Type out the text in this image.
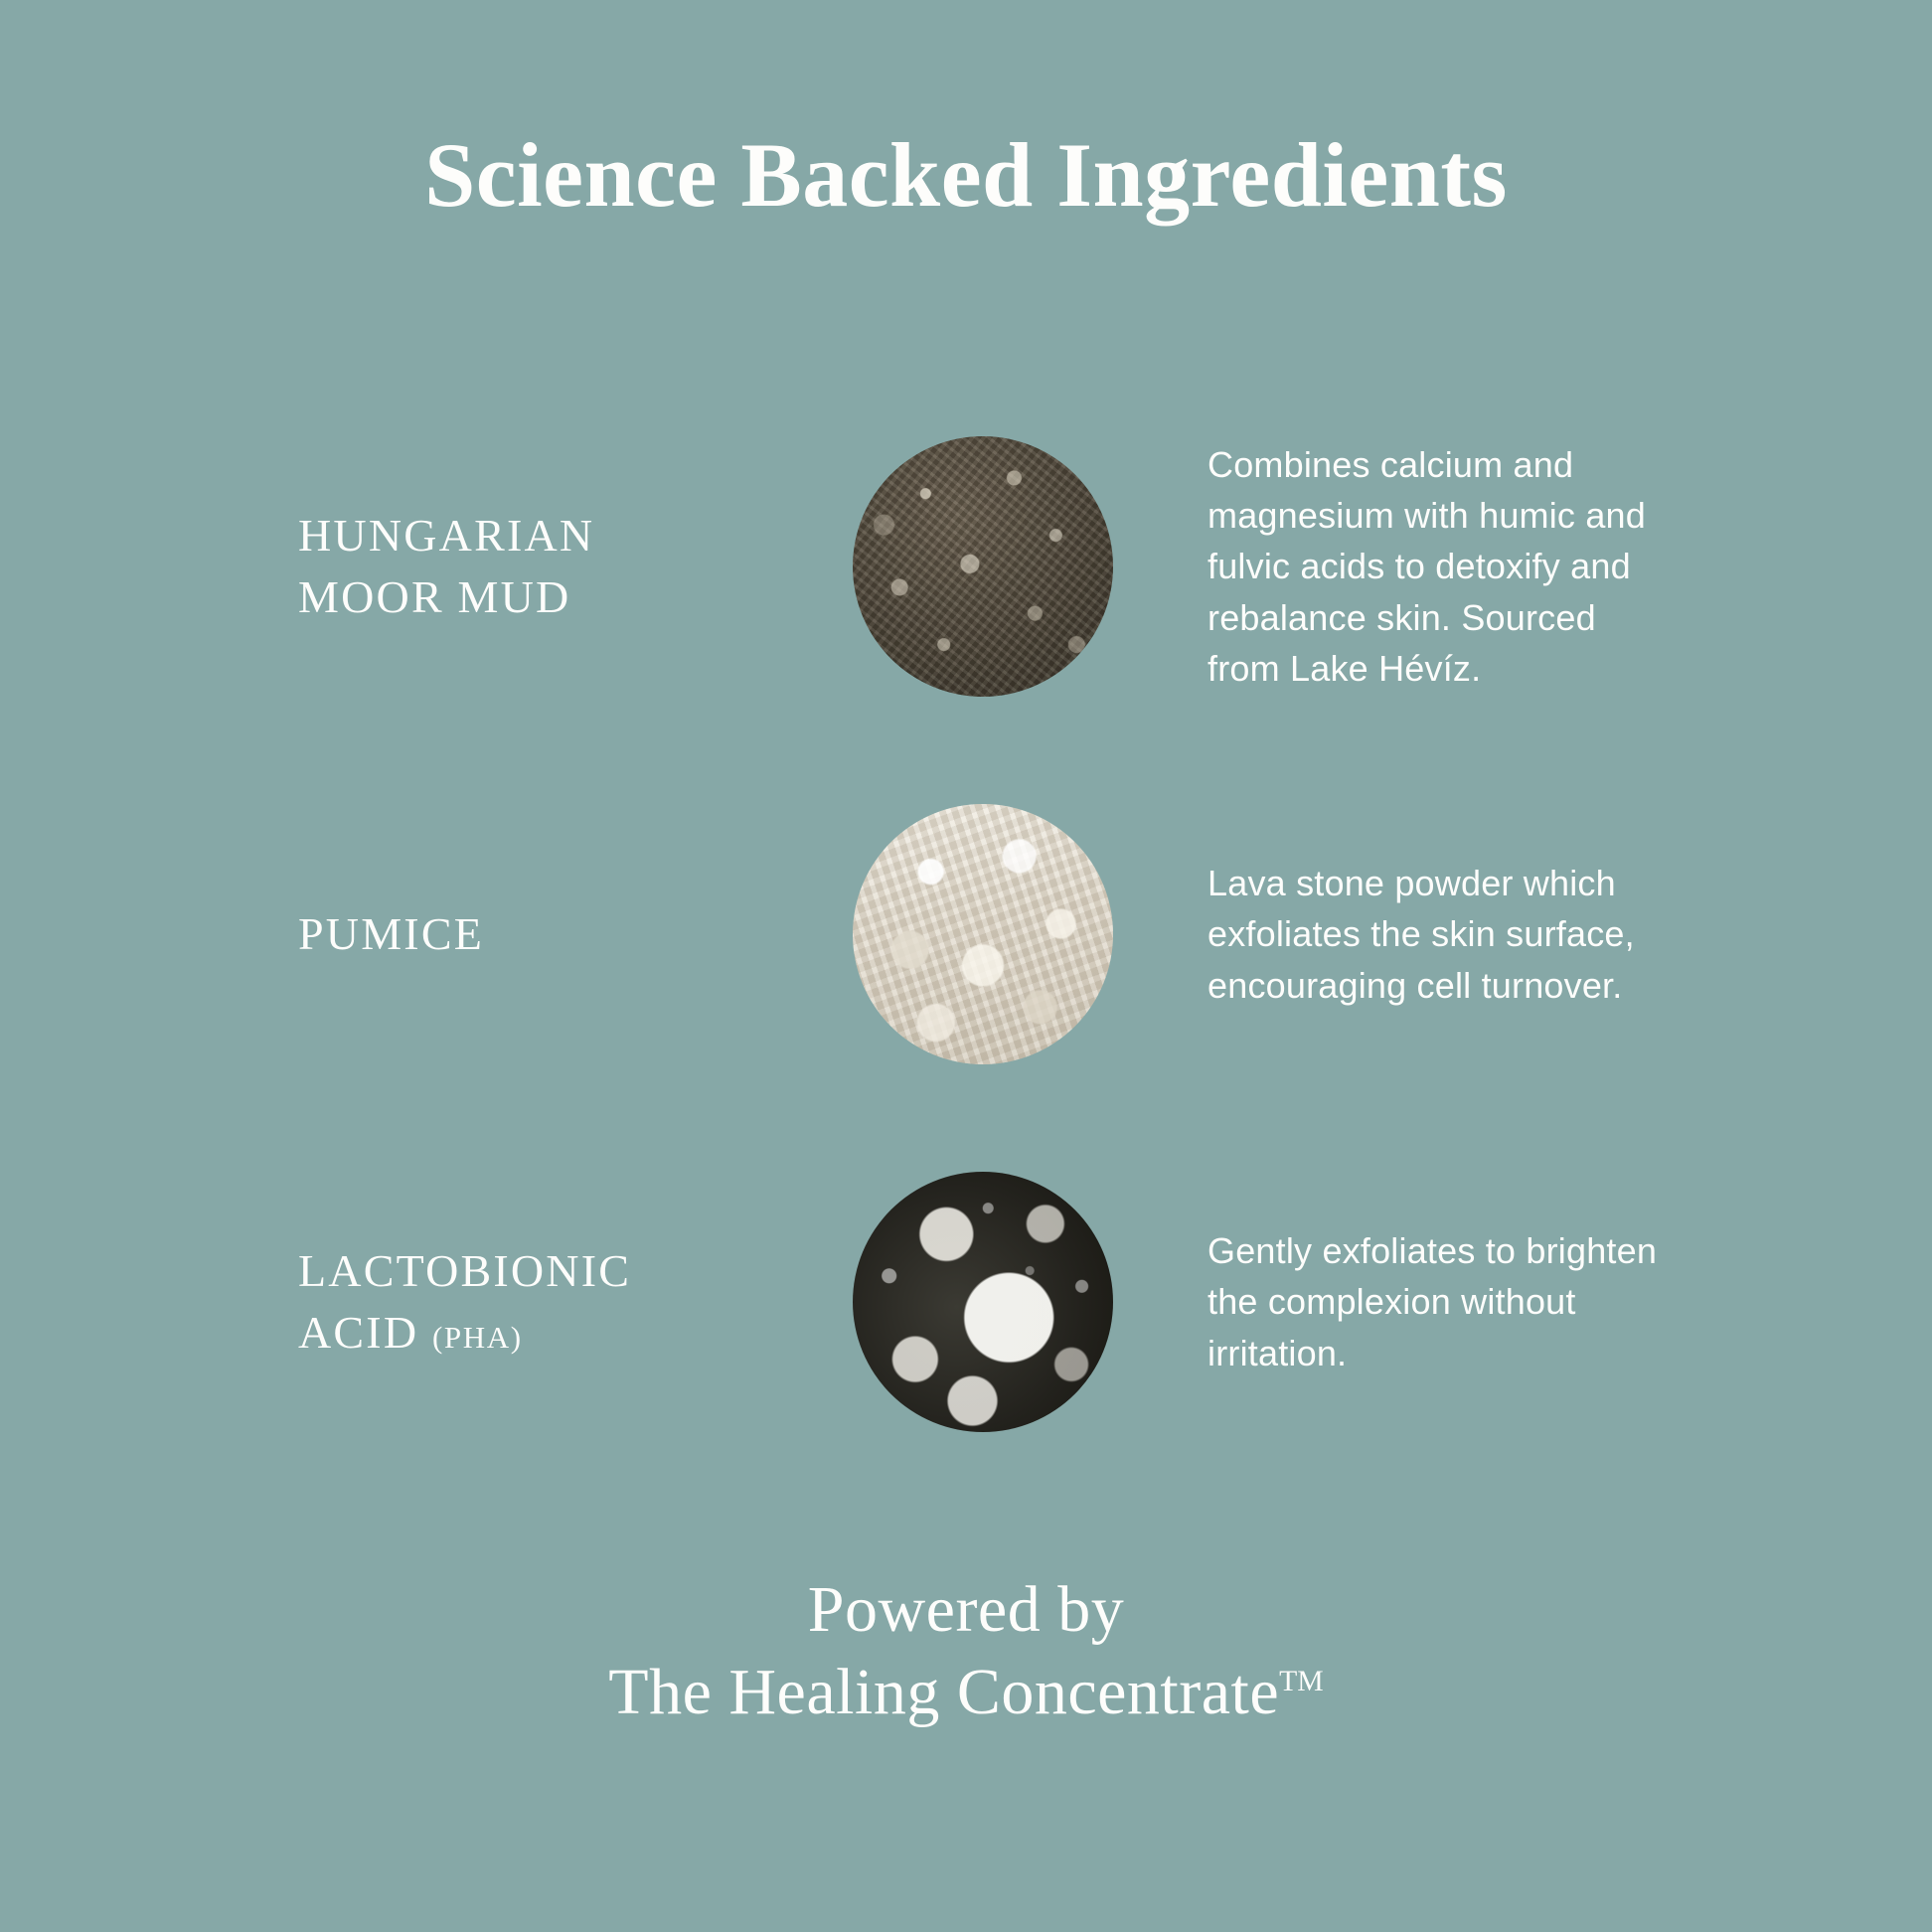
Science Backed Ingredients
HUNGARIAN MOOR MUD
Combines calcium and magnesium with humic and fulvic acids to detoxify and rebalance skin. Sourced from Lake Hévíz.
PUMICE
Lava stone powder which exfoliates the skin surface, encouraging cell turnover.
LACTOBIONIC ACID (PHA)
Gently exfoliates to brighten the complexion without irritation.
Powered by
The Healing Concentrate™
